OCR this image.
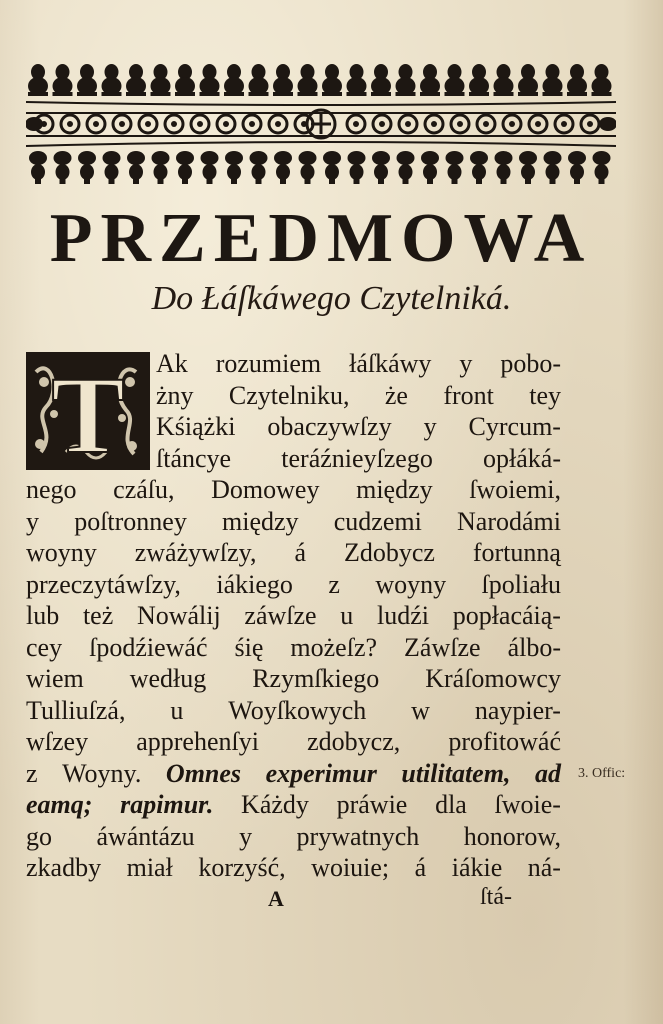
PRZEDMOWA
Do Łáſkáwego Czytelniká.
T Ak rozumiem łáſkáwy y pobo-
żny Czytelniku, że front tey
Kśiążki obaczywſzy y Cyrcum-
ſtáncye teráźnieyſzego opłáká-
nego czáſu, Domowey między ſwoiemi,
y poſtronney między cudzemi Narodámi
woyny zwáżywſzy, á Zdobycz fortunną
przeczytáwſzy, iákiego z woyny ſpoliału
lub też Nowálij záwſze u ludźi popłacáią-
cey ſpodźiewáć śię możeſz? Záwſze álbo-
wiem według Rzymſkiego Kráſomowcy
Tulliuſzá, u Woyſkowych w naypier-
wſzey apprehenſyi zdobycz, profitowáć
z Woyny. Omnes experimur utilitatem, ad
eamq; rapimur. Káżdy práwie dla ſwoie-
go áwántázu y prywatnych honorow,
zkadby miał korzyść, woiuie; á iákie ná-
3. Offic:
A	ſtá-
